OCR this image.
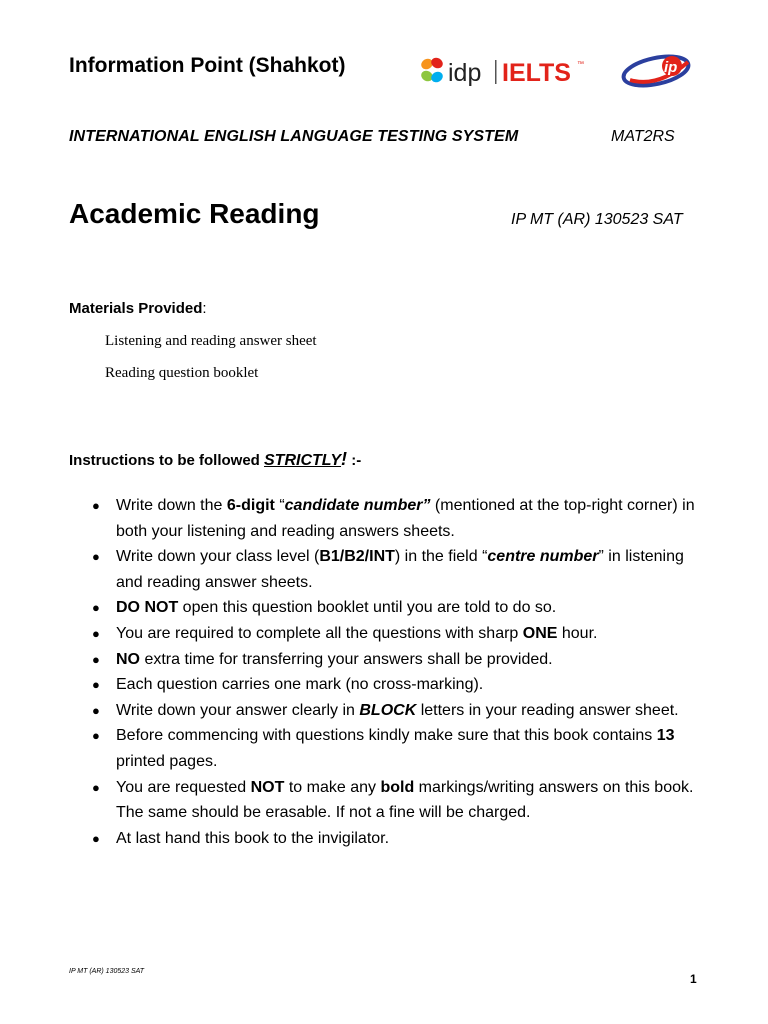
Information Point (Shahkot)	idp IELTS ™	ip
INTERNATIONAL ENGLISH LANGUAGE TESTING SYSTEM	MAT2RS
Academic Reading	IP MT (AR) 130523 SAT
Materials Provided:
Listening and reading answer sheet
Reading question booklet
Instructions to be followed STRICTLY! :-
● Write down the 6-digit “candidate number” (mentioned at the top-right corner) in both your listening and reading answers sheets.
● Write down your class level (B1/B2/INT) in the field “centre number” in listening and reading answer sheets.
● DO NOT open this question booklet until you are told to do so.
● You are required to complete all the questions with sharp ONE hour.
● NO extra time for transferring your answers shall be provided.
● Each question carries one mark (no cross-marking).
● Write down your answer clearly in BLOCK letters in your reading answer sheet.
● Before commencing with questions kindly make sure that this book contains 13 printed pages.
● You are requested NOT to make any bold markings/writing answers on this book. The same should be erasable. If not a fine will be charged.
● At last hand this book to the invigilator.
IP MT (AR) 130523 SAT
1
